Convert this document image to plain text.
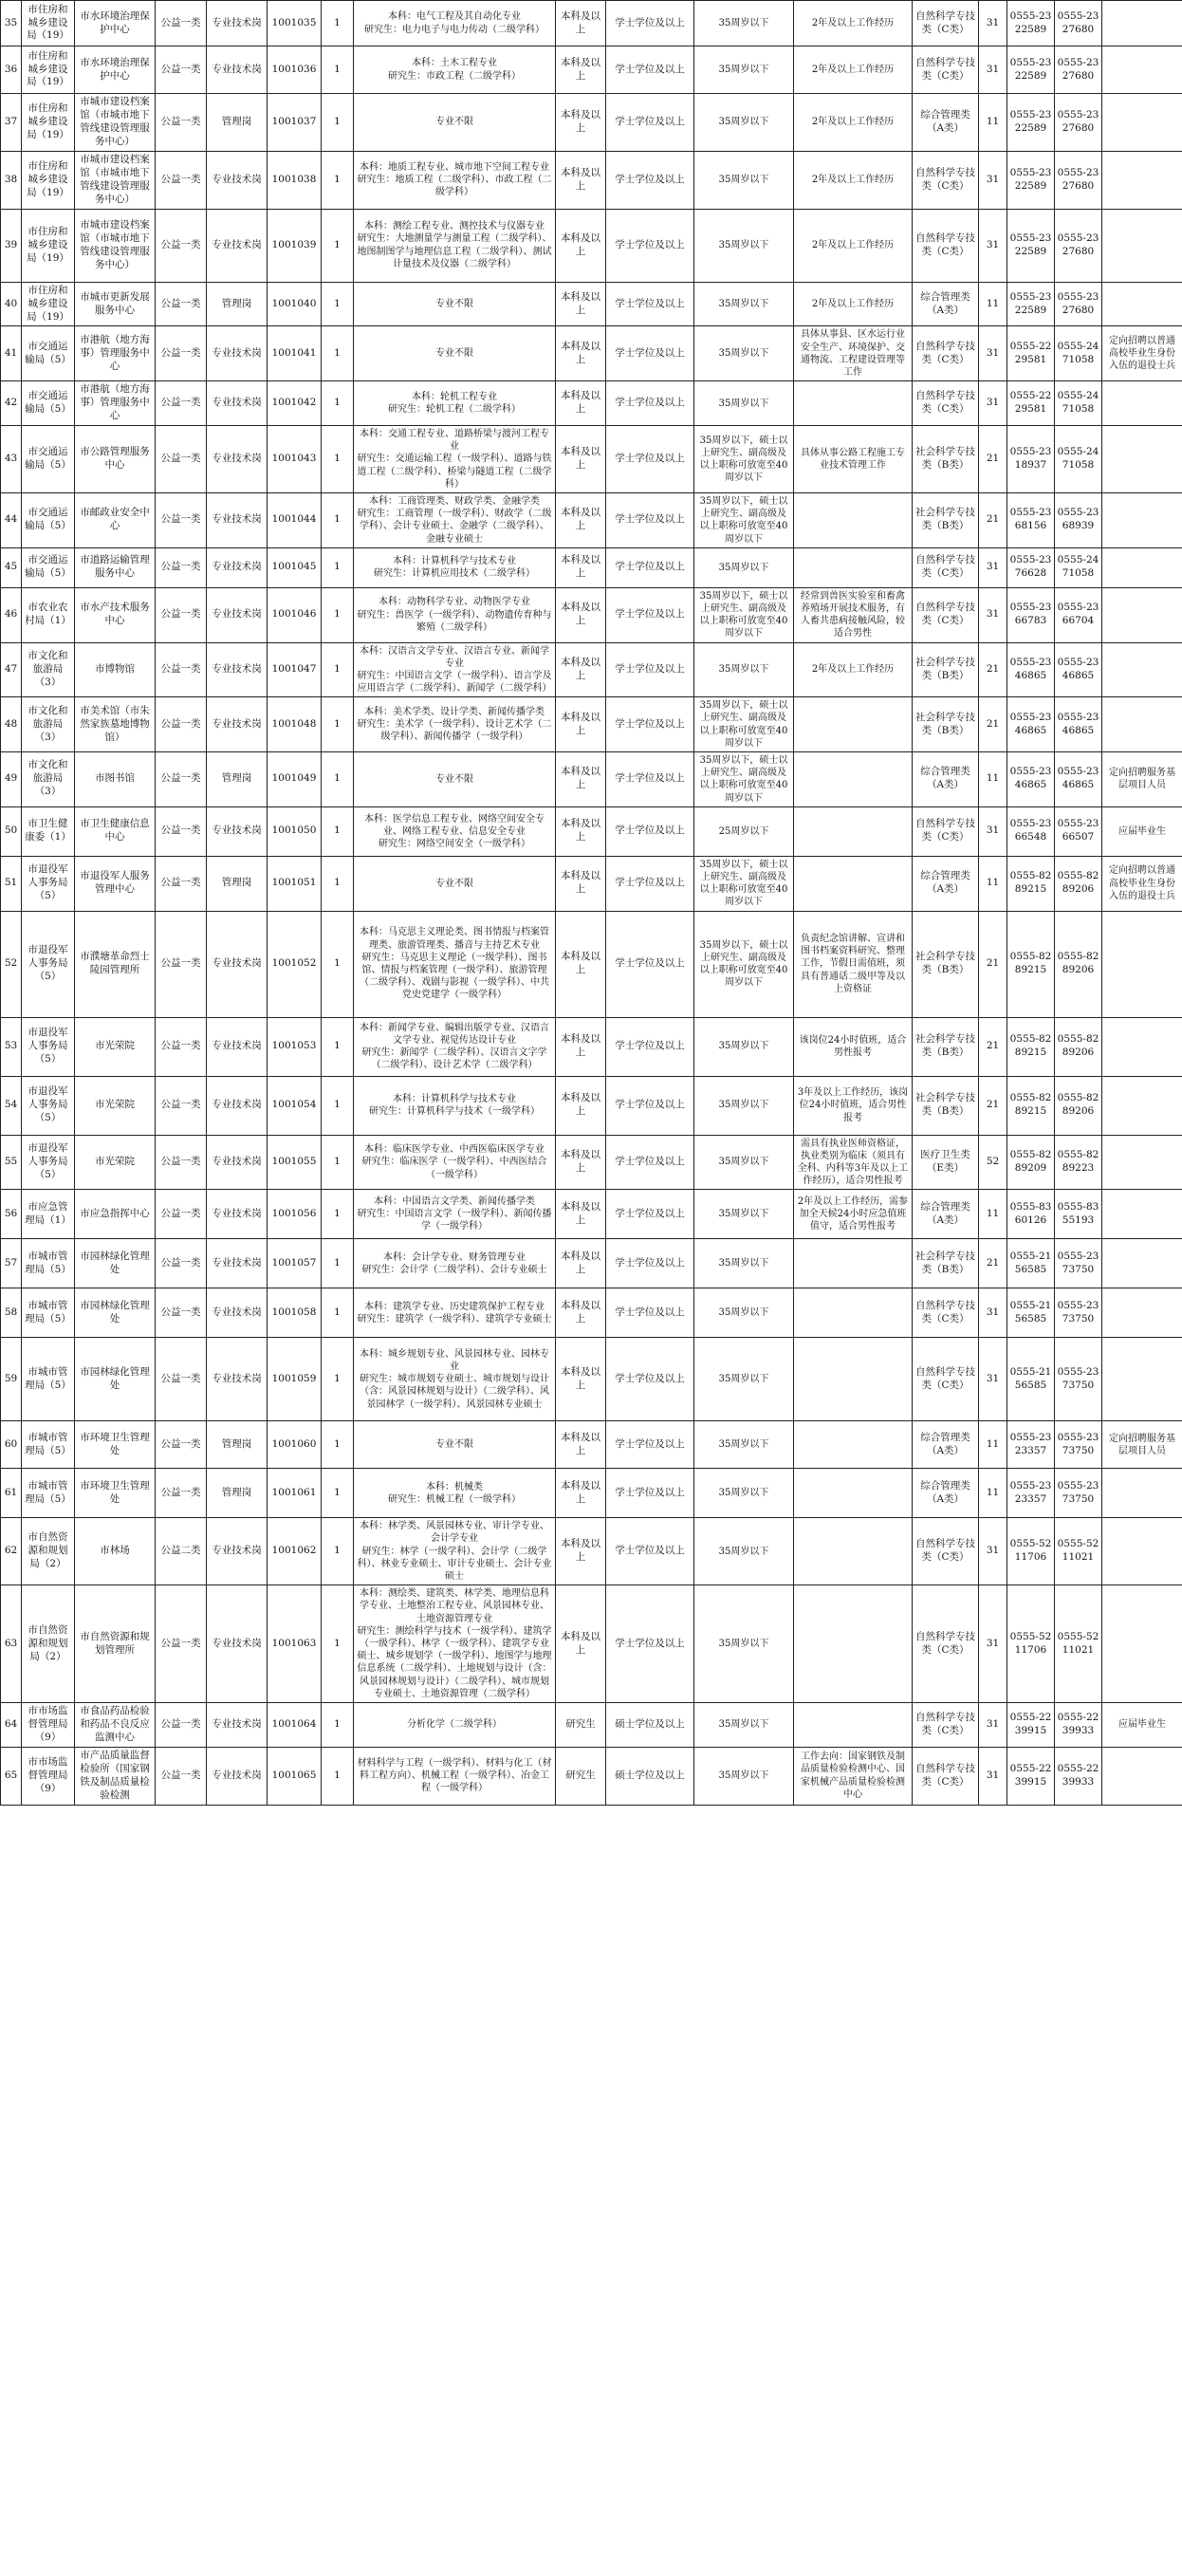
35	市住房和城乡建设局（19）	市水环境治理保护中心	公益一类	专业技术岗	1001035	1	本科：电气工程及其自动化专业
研究生：电力电子与电力传动（二级学科）	本科及以上	学士学位及以上	35周岁以下	2年及以上工作经历	自然科学专技类（C类）	31	0555-2322589	0555-2327680	
36	市住房和城乡建设局（19）	市水环境治理保护中心	公益一类	专业技术岗	1001036	1	本科：土木工程专业
研究生：市政工程（二级学科）	本科及以上	学士学位及以上	35周岁以下	2年及以上工作经历	自然科学专技类（C类）	31	0555-2322589	0555-2327680	
37	市住房和城乡建设局（19）	市城市建设档案馆（市城市地下管线建设管理服务中心）	公益一类	管理岗	1001037	1	专业不限	本科及以上	学士学位及以上	35周岁以下	2年及以上工作经历	综合管理类（A类）	11	0555-2322589	0555-2327680	
38	市住房和城乡建设局（19）	市城市建设档案馆（市城市地下管线建设管理服务中心）	公益一类	专业技术岗	1001038	1	本科：地质工程专业、城市地下空间工程专业
研究生：地质工程（二级学科）、市政工程（二级学科）	本科及以上	学士学位及以上	35周岁以下	2年及以上工作经历	自然科学专技类（C类）	31	0555-2322589	0555-2327680	
39	市住房和城乡建设局（19）	市城市建设档案馆（市城市地下管线建设管理服务中心）	公益一类	专业技术岗	1001039	1	本科：测绘工程专业、测控技术与仪器专业
研究生：大地测量学与测量工程（二级学科）、地图制图学与地理信息工程（二级学科）、测试计量技术及仪器（二级学科）	本科及以上	学士学位及以上	35周岁以下	2年及以上工作经历	自然科学专技类（C类）	31	0555-2322589	0555-2327680	
40	市住房和城乡建设局（19）	市城市更新发展服务中心	公益一类	管理岗	1001040	1	专业不限	本科及以上	学士学位及以上	35周岁以下	2年及以上工作经历	综合管理类（A类）	11	0555-2322589	0555-2327680	
41	市交通运输局（5）	市港航（地方海事）管理服务中心	公益一类	专业技术岗	1001041	1	专业不限	本科及以上	学士学位及以上	35周岁以下	具体从事县、区水运行业安全生产、环境保护、交通物流、工程建设管理等工作	自然科学专技类（C类）	31	0555-2229581	0555-2471058	定向招聘以普通高校毕业生身份入伍的退役士兵
42	市交通运输局（5）	市港航（地方海事）管理服务中心	公益一类	专业技术岗	1001042	1	本科：轮机工程专业
研究生：轮机工程（二级学科）	本科及以上	学士学位及以上	35周岁以下		自然科学专技类（C类）	31	0555-2229581	0555-2471058	
43	市交通运输局（5）	市公路管理服务中心	公益一类	专业技术岗	1001043	1	本科：交通工程专业、道路桥梁与渡河工程专业
研究生：交通运输工程（一级学科）、道路与铁道工程（二级学科）、桥梁与隧道工程（二级学科）	本科及以上	学士学位及以上	35周岁以下，硕士以上研究生、副高级及以上职称可放宽至40周岁以下	具体从事公路工程施工专业技术管理工作	社会科学专技类（B类）	21	0555-2318937	0555-2471058	
44	市交通运输局（5）	市邮政业安全中心	公益一类	专业技术岗	1001044	1	本科：工商管理类、财政学类、金融学类
研究生：工商管理（一级学科）、财政学（二级学科）、会计专业硕士、金融学（二级学科）、金融专业硕士	本科及以上	学士学位及以上	35周岁以下，硕士以上研究生、副高级及以上职称可放宽至40周岁以下		社会科学专技类（B类）	21	0555-2368156	0555-2368939	
45	市交通运输局（5）	市道路运输管理服务中心	公益一类	专业技术岗	1001045	1	本科：计算机科学与技术专业
研究生：计算机应用技术（二级学科）	本科及以上	学士学位及以上	35周岁以下		自然科学专技类（C类）	31	0555-2376628	0555-2471058	
46	市农业农村局（1）	市水产技术服务中心	公益一类	专业技术岗	1001046	1	本科：动物科学专业、动物医学专业
研究生：兽医学（一级学科）、动物遗传育种与繁殖（二级学科）	本科及以上	学士学位及以上	35周岁以下，硕士以上研究生、副高级及以上职称可放宽至40周岁以下	经常到兽医实验室和畜禽养殖场开展技术服务，有人畜共患病接触风险，较适合男性	自然科学专技类（C类）	31	0555-2366783	0555-2366704	
47	市文化和旅游局（3）	市博物馆	公益一类	专业技术岗	1001047	1	本科：汉语言文学专业、汉语言专业、新闻学专业
研究生：中国语言文学（一级学科）、语言学及应用语言学（二级学科）、新闻学（二级学科）	本科及以上	学士学位及以上	35周岁以下	2年及以上工作经历	社会科学专技类（B类）	21	0555-2346865	0555-2346865	
48	市文化和旅游局（3）	市美术馆（市朱然家族墓地博物馆）	公益一类	专业技术岗	1001048	1	本科：美术学类、设计学类、新闻传播学类
研究生：美术学（一级学科）、设计艺术学（二级学科）、新闻传播学（一级学科）	本科及以上	学士学位及以上	35周岁以下，硕士以上研究生、副高级及以上职称可放宽至40周岁以下		社会科学专技类（B类）	21	0555-2346865	0555-2346865	
49	市文化和旅游局（3）	市图书馆	公益一类	管理岗	1001049	1	专业不限	本科及以上	学士学位及以上	35周岁以下，硕士以上研究生、副高级及以上职称可放宽至40周岁以下		综合管理类（A类）	11	0555-2346865	0555-2346865	定向招聘服务基层项目人员
50	市卫生健康委（1）	市卫生健康信息中心	公益一类	专业技术岗	1001050	1	本科：医学信息工程专业、网络空间安全专业、网络工程专业、信息安全专业
研究生：网络空间安全（一级学科）	本科及以上	学士学位及以上	25周岁以下		自然科学专技类（C类）	31	0555-2366548	0555-2366507	应届毕业生
51	市退役军人事务局（5）	市退役军人服务管理中心	公益一类	管理岗	1001051	1	专业不限	本科及以上	学士学位及以上	35周岁以下，硕士以上研究生、副高级及以上职称可放宽至40周岁以下		综合管理类（A类）	11	0555-8289215	0555-8289206	定向招聘以普通高校毕业生身份入伍的退役士兵
52	市退役军人事务局（5）	市濮塘革命烈士陵园管理所	公益一类	专业技术岗	1001052	1	本科：马克思主义理论类、图书情报与档案管理类、旅游管理类、播音与主持艺术专业
研究生：马克思主义理论（一级学科）、图书馆、情报与档案管理（一级学科）、旅游管理（二级学科）、戏剧与影视（一级学科）、中共党史党建学（一级学科）	本科及以上	学士学位及以上	35周岁以下，硕士以上研究生、副高级及以上职称可放宽至40周岁以下	负责纪念馆讲解、宣讲和图书档案资料研究、整理工作，节假日需值班，须具有普通话二级甲等及以上资格证	社会科学专技类（B类）	21	0555-8289215	0555-8289206	
53	市退役军人事务局（5）	市光荣院	公益一类	专业技术岗	1001053	1	本科：新闻学专业、编辑出版学专业、汉语言文学专业、视觉传达设计专业
研究生：新闻学（二级学科）、汉语言文字学（二级学科）、设计艺术学（二级学科）	本科及以上	学士学位及以上	35周岁以下	该岗位24小时值班，适合男性报考	社会科学专技类（B类）	21	0555-8289215	0555-8289206	
54	市退役军人事务局（5）	市光荣院	公益一类	专业技术岗	1001054	1	本科：计算机科学与技术专业
研究生：计算机科学与技术（一级学科）	本科及以上	学士学位及以上	35周岁以下	3年及以上工作经历，该岗位24小时值班，适合男性报考	社会科学专技类（B类）	21	0555-8289215	0555-8289206	
55	市退役军人事务局（5）	市光荣院	公益一类	专业技术岗	1001055	1	本科：临床医学专业、中西医临床医学专业
研究生：临床医学（一级学科）、中西医结合（一级学科）	本科及以上	学士学位及以上	35周岁以下	需具有执业医师资格证，执业类别为临床（须具有全科、内科等3年及以上工作经历），适合男性报考	医疗卫生类（E类）	52	0555-8289209	0555-8289223	
56	市应急管理局（1）	市应急指挥中心	公益一类	专业技术岗	1001056	1	本科：中国语言文学类、新闻传播学类
研究生：中国语言文学（一级学科）、新闻传播学（一级学科）	本科及以上	学士学位及以上	35周岁以下	2年及以上工作经历，需参加全天候24小时应急值班值守，适合男性报考	综合管理类（A类）	11	0555-8360126	0555-8355193	
57	市城市管理局（5）	市园林绿化管理处	公益一类	专业技术岗	1001057	1	本科：会计学专业、财务管理专业
研究生：会计学（二级学科）、会计专业硕士	本科及以上	学士学位及以上	35周岁以下		社会科学专技类（B类）	21	0555-2156585	0555-2373750	
58	市城市管理局（5）	市园林绿化管理处	公益一类	专业技术岗	1001058	1	本科：建筑学专业、历史建筑保护工程专业
研究生：建筑学（一级学科）、建筑学专业硕士	本科及以上	学士学位及以上	35周岁以下		自然科学专技类（C类）	31	0555-2156585	0555-2373750	
59	市城市管理局（5）	市园林绿化管理处	公益一类	专业技术岗	1001059	1	本科：城乡规划专业、风景园林专业、园林专业
研究生：城市规划专业硕士、城市规划与设计（含：风景园林规划与设计）（二级学科）、风景园林学（一级学科）、风景园林专业硕士	本科及以上	学士学位及以上	35周岁以下		自然科学专技类（C类）	31	0555-2156585	0555-2373750	
60	市城市管理局（5）	市环境卫生管理处	公益一类	管理岗	1001060	1	专业不限	本科及以上	学士学位及以上	35周岁以下		综合管理类（A类）	11	0555-2323357	0555-2373750	定向招聘服务基层项目人员
61	市城市管理局（5）	市环境卫生管理处	公益一类	管理岗	1001061	1	本科：机械类
研究生：机械工程（一级学科）	本科及以上	学士学位及以上	35周岁以下		综合管理类（A类）	11	0555-2323357	0555-2373750	
62	市自然资源和规划局（2）	市林场	公益二类	专业技术岗	1001062	1	本科：林学类、风景园林专业、审计学专业、会计学专业
研究生：林学（一级学科）、会计学（二级学科）、林业专业硕士、审计专业硕士、会计专业硕士	本科及以上	学士学位及以上	35周岁以下		自然科学专技类（C类）	31	0555-5211706	0555-5211021	
63	市自然资源和规划局（2）	市自然资源和规划管理所	公益一类	专业技术岗	1001063	1	本科：测绘类、建筑类、林学类、地理信息科学专业、土地整治工程专业、风景园林专业、土地资源管理专业
研究生：测绘科学与技术（一级学科）、建筑学（一级学科）、林学（一级学科）、建筑学专业硕士、城乡规划学（一级学科）、地图学与地理信息系统（二级学科）、土地规划与设计（含：风景园林规划与设计）（二级学科）、城市规划专业硕士、土地资源管理（二级学科）	本科及以上	学士学位及以上	35周岁以下		自然科学专技类（C类）	31	0555-5211706	0555-5211021	
64	市市场监督管理局（9）	市食品药品检验和药品不良反应监测中心	公益一类	专业技术岗	1001064	1	分析化学（二级学科）	研究生	硕士学位及以上	35周岁以下		自然科学专技类（C类）	31	0555-2239915	0555-2239933	应届毕业生
65	市市场监督管理局（9）	市产品质量监督检验所（国家钢铁及制品质量检验检测	公益一类	专业技术岗	1001065	1	材料科学与工程（一级学科）、材料与化工（材料工程方向）、机械工程（一级学科）、冶金工程（一级学科）	研究生	硕士学位及以上	35周岁以下	工作去向：国家钢铁及制品质量检验检测中心、国家机械产品质量检验检测中心	自然科学专技类（C类）	31	0555-2239915	0555-2239933	
